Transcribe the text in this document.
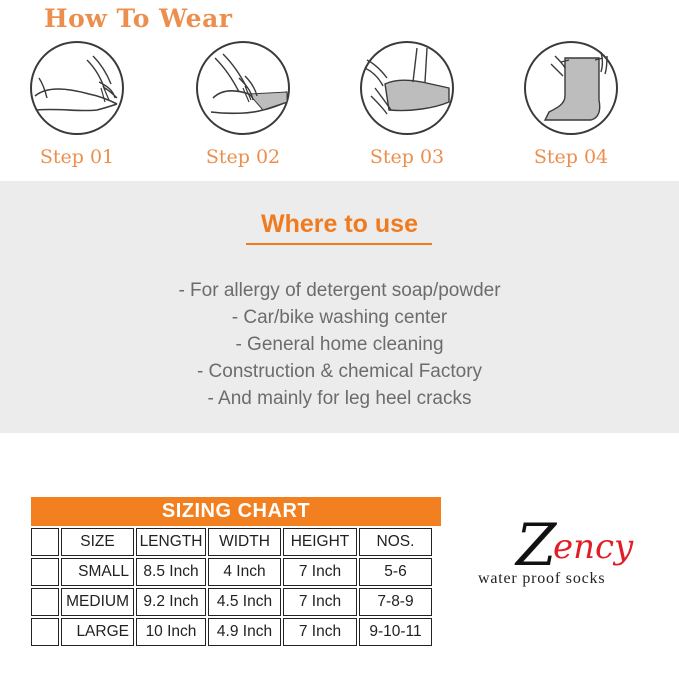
How To Wear
Step 01	Step 02	Step 03	Step 04
Where to use
- For allergy of detergent soap/powder
- Car/bike washing center
- General home cleaning
- Construction & chemical Factory
- And mainly for leg heel cracks
SIZING CHART
	SIZE	LENGTH	WIDTH	HEIGHT	NOS.
	SMALL	8.5 Inch	4 Inch	7 Inch	5-6
	MEDIUM	9.2 Inch	4.5 Inch	7 Inch	7-8-9
	LARGE	10 Inch	4.9 Inch	7 Inch	9-10-11
Z
ency
water proof socks
